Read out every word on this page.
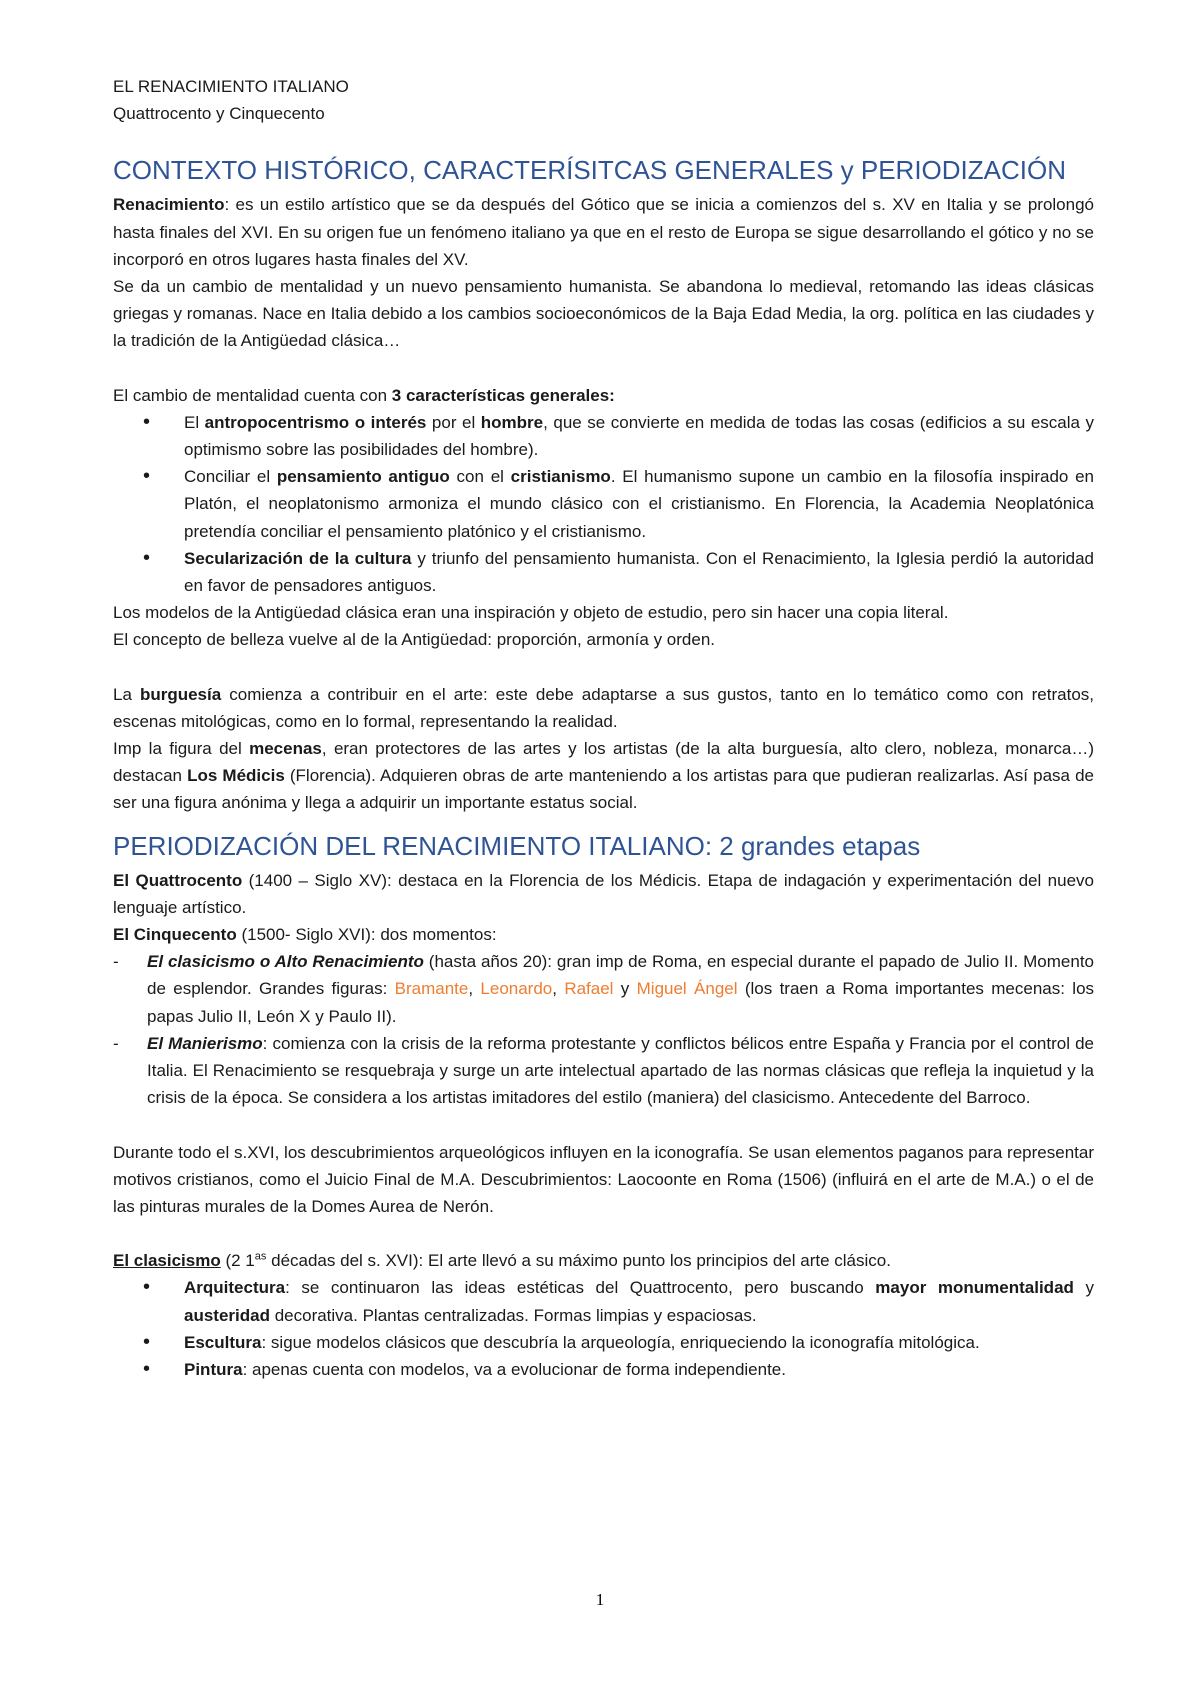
EL RENACIMIENTO ITALIANO

Quattrocento y Cinquecento

CONTEXTO HISTÓRICO, CARACTERÍSITCAS GENERALES y PERIODIZACIÓN

Renacimiento: es un estilo artístico que se da después del Gótico que se inicia a comienzos del s. XV en Italia y se prolongó hasta finales del XVI. En su origen fue un fenómeno italiano ya que en el resto de Europa se sigue desarrollando el gótico y no se incorporó en otros lugares hasta finales del XV.

Se da un cambio de mentalidad y un nuevo pensamiento humanista. Se abandona lo medieval, retomando las ideas clásicas griegas y romanas. Nace en Italia debido a los cambios socioeconómicos de la Baja Edad Media, la org. política en las ciudades y la tradición de la Antigüedad clásica…

El cambio de mentalidad cuenta con 3 características generales:

• El antropocentrismo o interés por el hombre, que se convierte en medida de todas las cosas (edificios a su escala y optimismo sobre las posibilidades del hombre).
• Conciliar el pensamiento antiguo con el cristianismo. El humanismo supone un cambio en la filosofía inspirado en Platón, el neoplatonismo armoniza el mundo clásico con el cristianismo. En Florencia, la Academia Neoplatónica pretendía conciliar el pensamiento platónico y el cristianismo.
• Secularización de la cultura y triunfo del pensamiento humanista. Con el Renacimiento, la Iglesia perdió la autoridad en favor de pensadores antiguos.

Los modelos de la Antigüedad clásica eran una inspiración y objeto de estudio, pero sin hacer una copia literal.

El concepto de belleza vuelve al de la Antigüedad: proporción, armonía y orden.

La burguesía comienza a contribuir en el arte: este debe adaptarse a sus gustos, tanto en lo temático como con retratos, escenas mitológicas, como en lo formal, representando la realidad.

Imp la figura del mecenas, eran protectores de las artes y los artistas (de la alta burguesía, alto clero, nobleza, monarca…) destacan Los Médicis (Florencia). Adquieren obras de arte manteniendo a los artistas para que pudieran realizarlas. Así pasa de ser una figura anónima y llega a adquirir un importante estatus social.

PERIODIZACIÓN DEL RENACIMIENTO ITALIANO: 2 grandes etapas

El Quattrocento (1400 – Siglo XV): destaca en la Florencia de los Médicis. Etapa de indagación y experimentación del nuevo lenguaje artístico.

El Cinquecento (1500- Siglo XVI): dos momentos:

- El clasicismo o Alto Renacimiento (hasta años 20): gran imp de Roma, en especial durante el papado de Julio II. Momento de esplendor. Grandes figuras: Bramante, Leonardo, Rafael y Miguel Ángel (los traen a Roma importantes mecenas: los papas Julio II, León X y Paulo II).
- El Manierismo: comienza con la crisis de la reforma protestante y conflictos bélicos entre España y Francia por el control de Italia. El Renacimiento se resquebraja y surge un arte intelectual apartado de las normas clásicas que refleja la inquietud y la crisis de la época. Se considera a los artistas imitadores del estilo (maniera) del clasicismo. Antecedente del Barroco.

Durante todo el s.XVI, los descubrimientos arqueológicos influyen en la iconografía. Se usan elementos paganos para representar motivos cristianos, como el Juicio Final de M.A. Descubrimientos: Laocoonte en Roma (1506) (influirá en el arte de M.A.) o el de las pinturas murales de la Domes Aurea de Nerón.

El clasicismo (2 $1^{as}$ décadas del s. XVI): El arte llevó a su máximo punto los principios del arte clásico.

• Arquitectura: se continuaron las ideas estéticas del Quattrocento, pero buscando mayor monumentalidad y austeridad decorativa. Plantas centralizadas. Formas limpias y espaciosas.
• Escultura: sigue modelos clásicos que descubría la arqueología, enriqueciendo la iconografía mitológica.
• Pintura: apenas cuenta con modelos, va a evolucionar de forma independiente.
1
